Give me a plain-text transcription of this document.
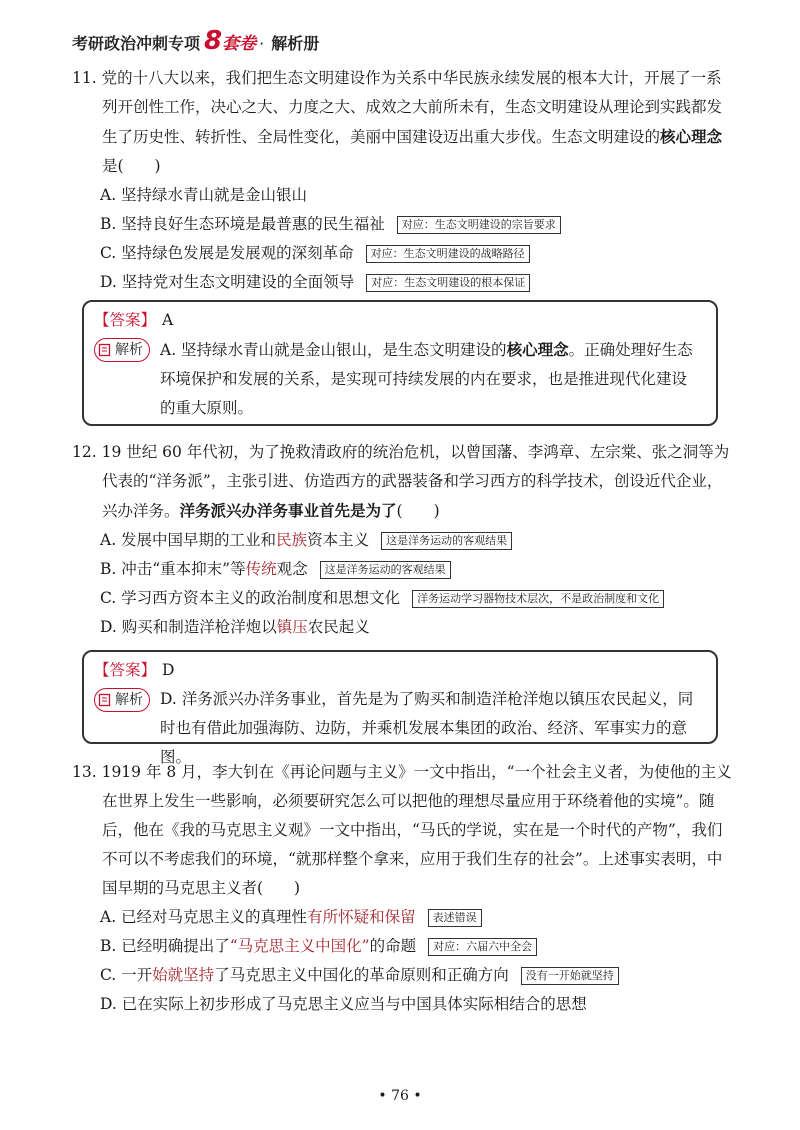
考研政治冲刺专项 8 套卷 · 解析册
11. 党的十八大以来，我们把生态文明建设作为关系中华民族永续发展的根本大计，开展了一系列开创性工作，决心之大、力度之大、成效之大前所未有，生态文明建设从理论到实践都发生了历史性、转折性、全局性变化，美丽中国建设迈出重大步伐。生态文明建设的核心理念是(　　)
A. 坚持绿水青山就是金山银山
B. 坚持良好生态环境是最普惠的民生福祉	对应：生态文明建设的宗旨要求
C. 坚持绿色发展是发展观的深刻革命	对应：生态文明建设的战略路径
D. 坚持党对生态文明建设的全面领导	对应：生态文明建设的根本保证
【答案】 A
解析 A. 坚持绿水青山就是金山银山，是生态文明建设的核心理念。正确处理好生态环境保护和发展的关系，是实现可持续发展的内在要求，也是推进现代化建设的重大原则。
12. 19 世纪 60 年代初，为了挽救清政府的统治危机，以曾国藩、李鸿章、左宗棠、张之洞等为代表的“洋务派”，主张引进、仿造西方的武器装备和学习西方的科学技术，创设近代企业，兴办洋务。洋务派兴办洋务事业首先是为了(　　)
A. 发展中国早期的工业和 民族 资本主义	这是洋务运动的客观结果
B. 冲击“重本抑末”等 传统 观念	这是洋务运动的客观结果
C. 学习西方资本主义的政治制度和思想文化	洋务运动学习器物技术层次，不是政治制度和文化
D. 购买和制造洋枪洋炮以 镇压 农民起义
【答案】 D
解析 D. 洋务派兴办洋务事业，首先是为了购买和制造洋枪洋炮以镇压农民起义，同时也有借此加强海防、边防，并乘机发展本集团的政治、经济、军事实力的意图。
13. 1919 年 8 月，李大钊在《再论问题与主义》一文中指出，“一个社会主义者，为使他的主义在世界上发生一些影响，必须要研究怎么可以把他的理想尽量应用于环绕着他的实境”。随后，他在《我的马克思主义观》一文中指出，“马氏的学说，实在是一个时代的产物”，我们不可以不考虑我们的环境，“就那样整个拿来，应用于我们生存的社会”。上述事实表明，中国早期的马克思主义者(　　)
A. 已经对马克思主义的真理性 有所怀疑和保留	表述错误
B. 已经明确提出了 “马克思主义中国化” 的命题	对应：六届六中全会
C. 一开 始就坚持 了马克思主义中国化的革命原则和正确方向	没有一开始就坚持
D. 已在实际上初步形成了马克思主义应当与中国具体实际相结合的思想
• 76 •
